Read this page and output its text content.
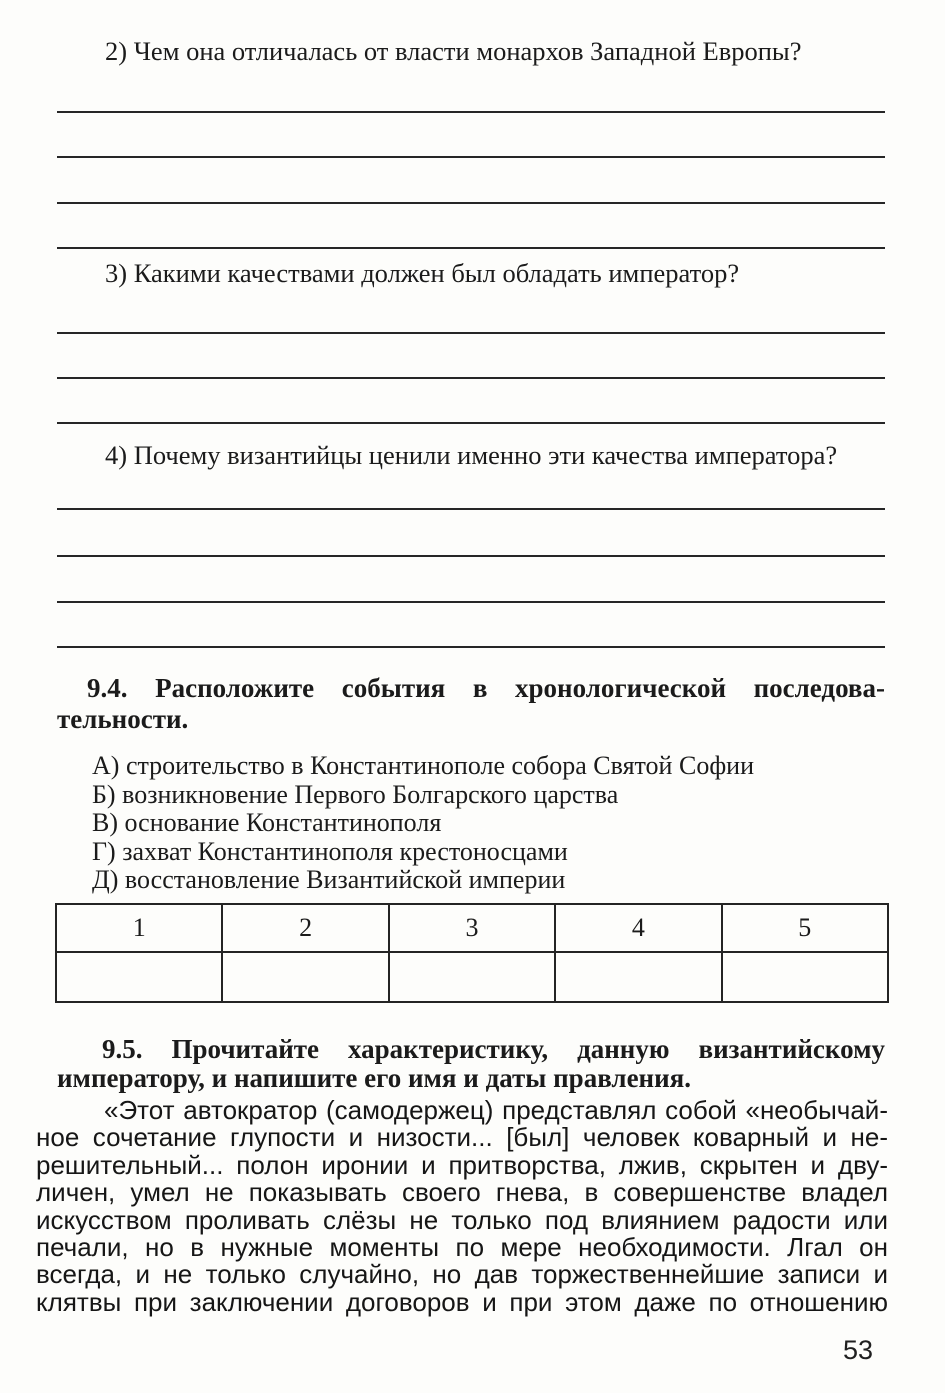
2) Чем она отличалась от власти монархов Западной Европы?
3) Какими качествами должен был обладать император?
4) Почему византийцы ценили именно эти качества императора?
9.4. Расположите события в хронологической последова-
тельности.
А) строительство в Константинополе собора Святой Софии
Б) возникновение Первого Болгарского царства
В) основание Константинополя
Г) захват Константинополя крестоносцами
Д) восстановление Византийской империи
1	2	3	4	5

9.5. Прочитайте характеристику, данную византийскому
императору, и напишите его имя и даты правления.
«Этот автократор (самодержец) представлял собой «необычай-
ное сочетание глупости и низости... [был] человек коварный и не-
решительный... полон иронии и притворства, лжив, скрытен и дву-
личен, умел не показывать своего гнева, в совершенстве владел
искусством проливать слёзы не только под влиянием радости или
печали, но в нужные моменты по мере необходимости. Лгал он
всегда, и не только случайно, но дав торжественнейшие записи и
клятвы при заключении договоров и при этом даже по отношению
53
